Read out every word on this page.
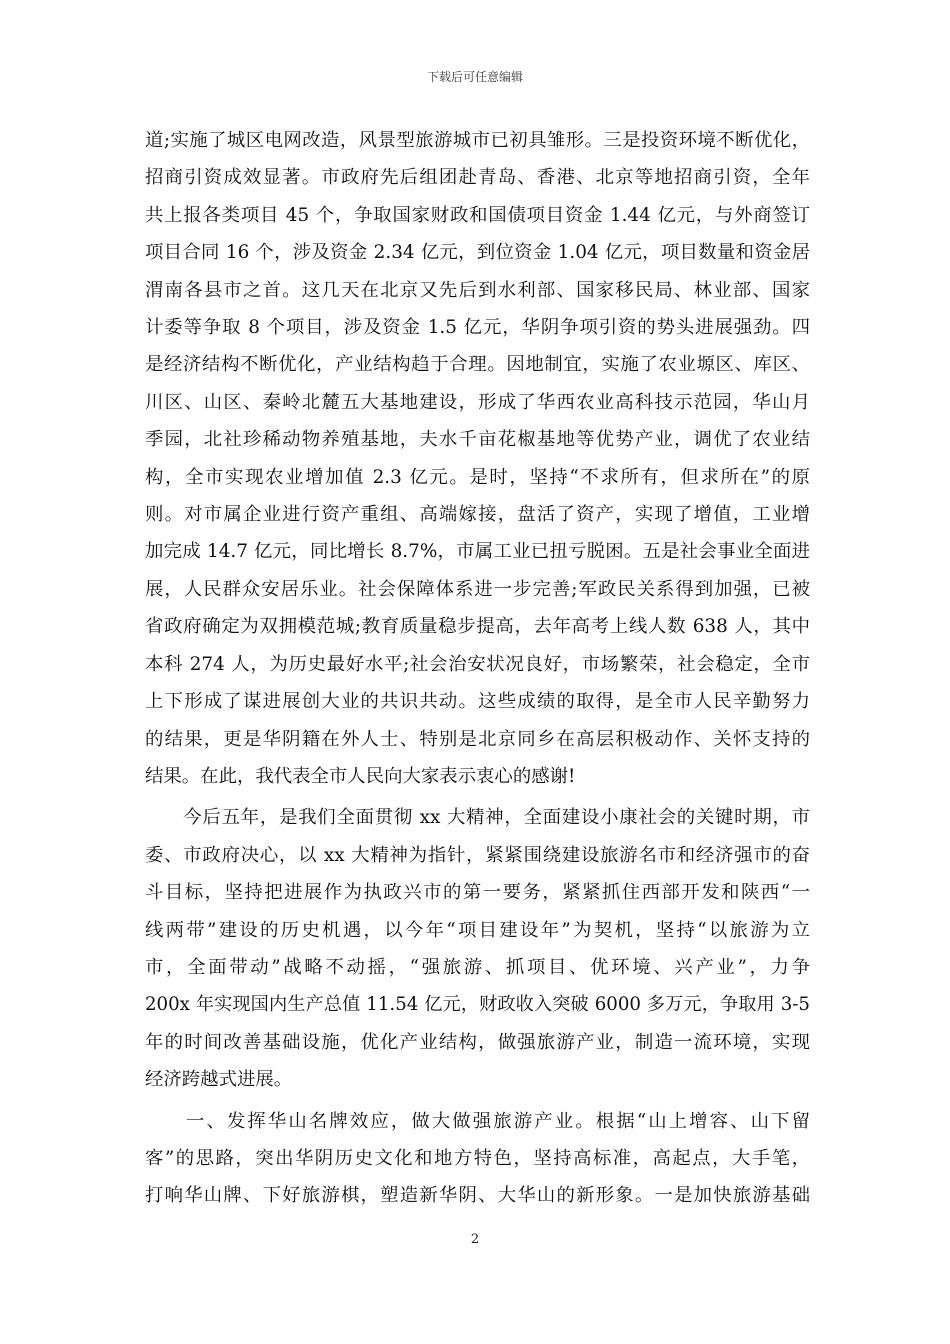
下载后可任意编辑

道;实施了城区电网改造，风景型旅游城市已初具雏形。三是投资环境不断优化，
招商引资成效显著。市政府先后组团赴青岛、香港、北京等地招商引资，全年
共上报各类项目 45 个，争取国家财政和国债项目资金 1.44 亿元，与外商签订
项目合同 16 个，涉及资金 2.34 亿元，到位资金 1.04 亿元，项目数量和资金居
渭南各县市之首。这几天在北京又先后到水利部、国家移民局、林业部、国家
计委等争取 8 个项目，涉及资金 1.5 亿元，华阴争项引资的势头进展强劲。四
是经济结构不断优化，产业结构趋于合理。因地制宜，实施了农业塬区、库区、
川区、山区、秦岭北麓五大基地建设，形成了华西农业高科技示范园，华山月
季园，北社珍稀动物养殖基地，夫水千亩花椒基地等优势产业，调优了农业结
构，全市实现农业增加值 2.3 亿元。是时，坚持“不求所有，但求所在”的原
则。对市属企业进行资产重组、高端嫁接，盘活了资产，实现了增值，工业增
加完成 14.7 亿元，同比增长 8.7%，市属工业已扭亏脱困。五是社会事业全面进
展，人民群众安居乐业。社会保障体系进一步完善;军政民关系得到加强，已被
省政府确定为双拥模范城;教育质量稳步提高，去年高考上线人数 638 人，其中
本科 274 人，为历史最好水平;社会治安状况良好，市场繁荣，社会稳定，全市
上下形成了谋进展创大业的共识共动。这些成绩的取得，是全市人民辛勤努力
的结果，更是华阴籍在外人士、特别是北京同乡在高层积极动作、关怀支持的
结果。在此，我代表全市人民向大家表示衷心的感谢!

　　今后五年，是我们全面贯彻 xx 大精神，全面建设小康社会的关键时期，市
委、市政府决心，以 xx 大精神为指针，紧紧围绕建设旅游名市和经济强市的奋
斗目标，坚持把进展作为执政兴市的第一要务，紧紧抓住西部开发和陕西“一
线两带”建设的历史机遇，以今年“项目建设年”为契机，坚持“以旅游为立
市，全面带动”战略不动摇，“强旅游、抓项目、优环境、兴产业”，力争
200x 年实现国内生产总值 11.54 亿元，财政收入突破 6000 多万元，争取用 3-5
年的时间改善基础设施，优化产业结构，做强旅游产业，制造一流环境，实现
经济跨越式进展。

　　一、发挥华山名牌效应，做大做强旅游产业。根据“山上增容、山下留
客”的思路，突出华阴历史文化和地方特色，坚持高标准，高起点，大手笔，
打响华山牌、下好旅游棋，塑造新华阴、大华山的新形象。一是加快旅游基础

2
